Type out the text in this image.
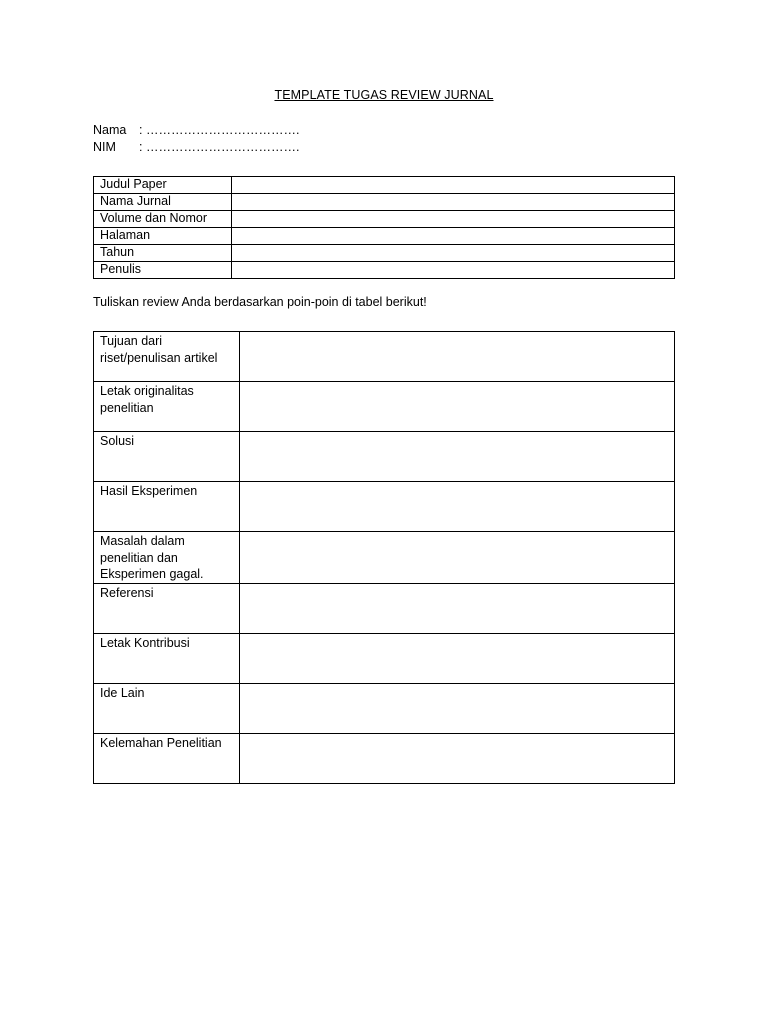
TEMPLATE TUGAS REVIEW JURNAL
Nama : ……………………………….
NIM : ……………………………….
Judul Paper	
Nama Jurnal	
Volume dan Nomor	
Halaman	
Tahun	
Penulis	
Tuliskan review Anda berdasarkan poin-poin di tabel berikut!
Tujuan dari riset/penulisan artikel	
Letak originalitas penelitian	
Solusi	
Hasil Eksperimen	
Masalah dalam penelitian dan Eksperimen gagal.	
Referensi	
Letak Kontribusi	
Ide Lain	
Kelemahan Penelitian	
